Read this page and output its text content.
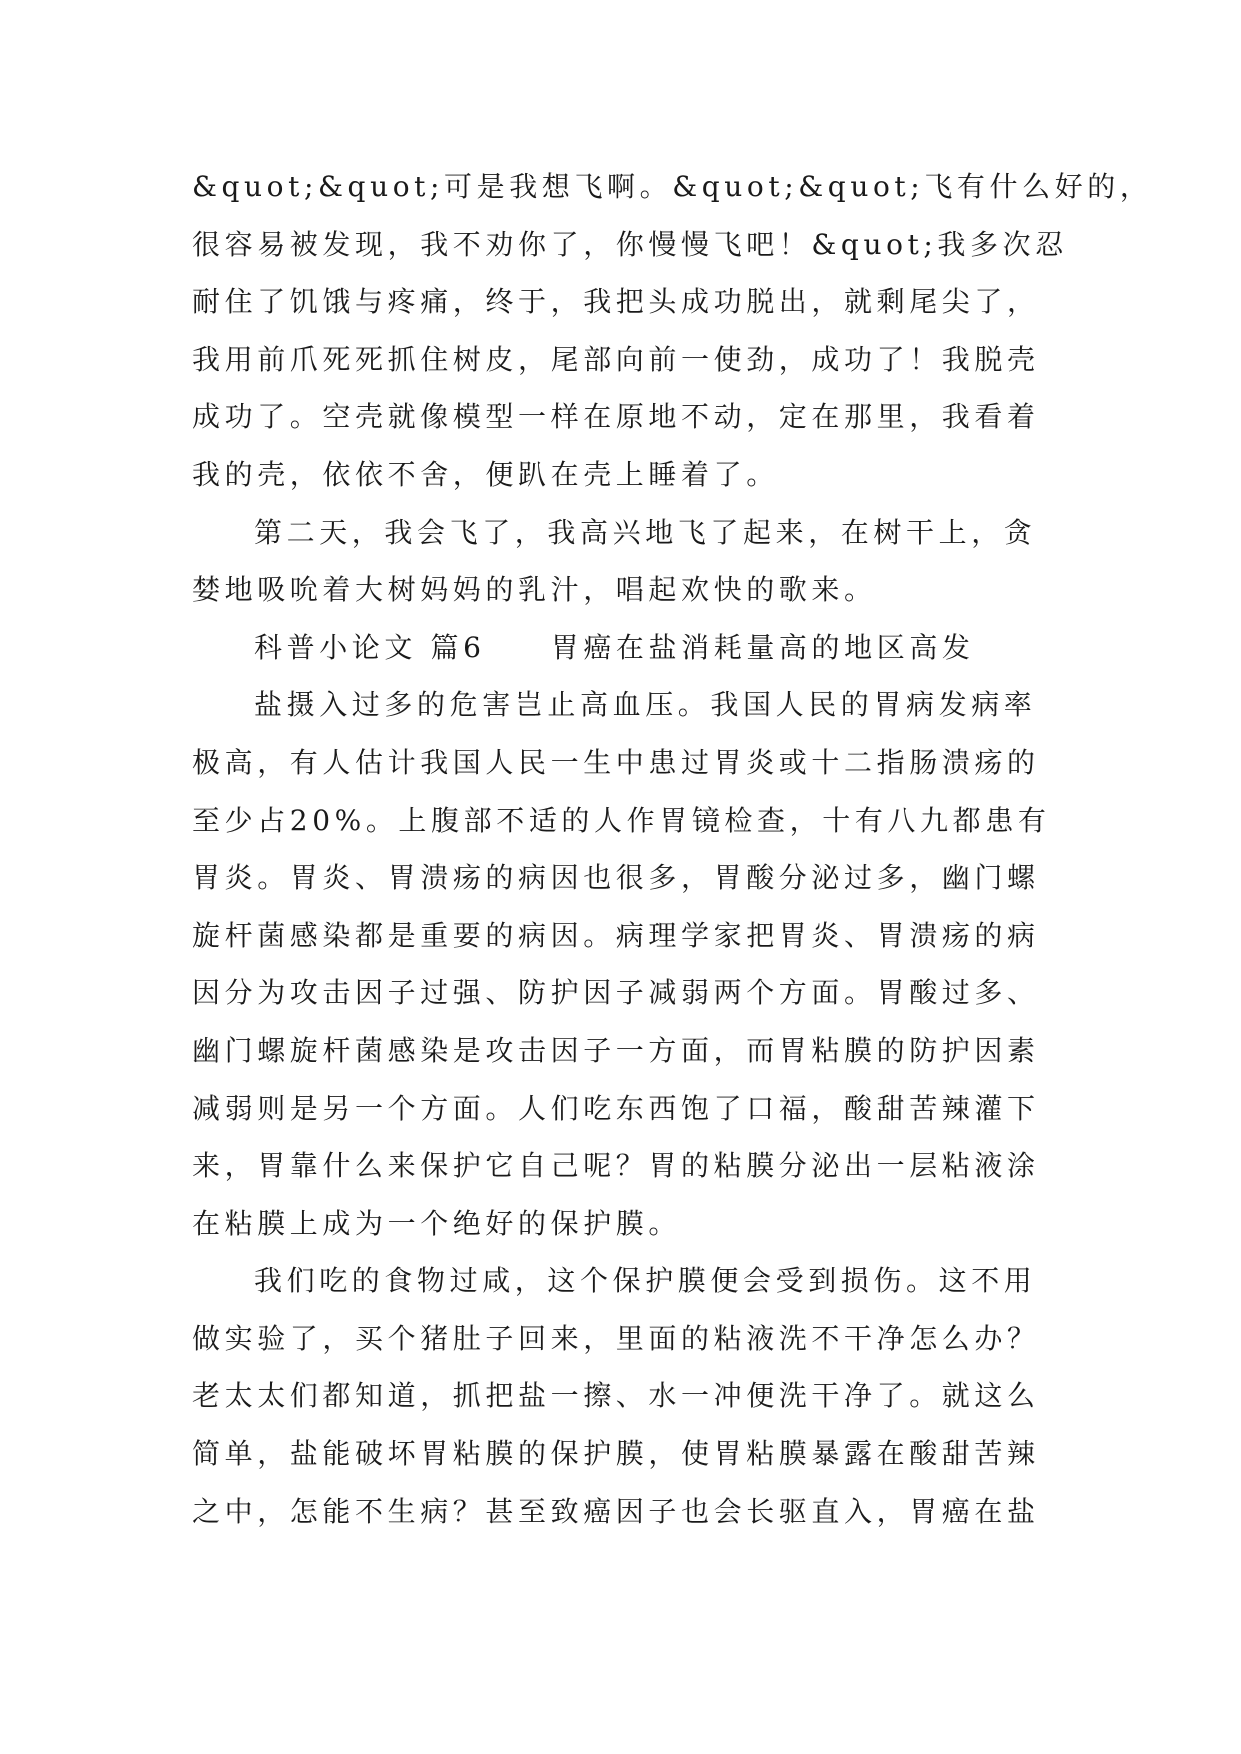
&quot;&quot;可是我想飞啊。&quot;&quot;飞有什么好的，
很容易被发现，我不劝你了，你慢慢飞吧！&quot;我多次忍
耐住了饥饿与疼痛，终于，我把头成功脱出，就剩尾尖了，
我用前爪死死抓住树皮，尾部向前一使劲，成功了！我脱壳
成功了。空壳就像模型一样在原地不动，定在那里，我看着
我的壳，依依不舍，便趴在壳上睡着了。
第二天，我会飞了，我高兴地飞了起来，在树干上，贪
婪地吸吮着大树妈妈的乳汁，唱起欢快的歌来。
科普小论文 篇6　　胃癌在盐消耗量高的地区高发
盐摄入过多的危害岂止高血压。我国人民的胃病发病率
极高，有人估计我国人民一生中患过胃炎或十二指肠溃疡的
至少占20%。上腹部不适的人作胃镜检查，十有八九都患有
胃炎。胃炎、胃溃疡的病因也很多，胃酸分泌过多，幽门螺
旋杆菌感染都是重要的病因。病理学家把胃炎、胃溃疡的病
因分为攻击因子过强、防护因子减弱两个方面。胃酸过多、
幽门螺旋杆菌感染是攻击因子一方面，而胃粘膜的防护因素
减弱则是另一个方面。人们吃东西饱了口福，酸甜苦辣灌下
来，胃靠什么来保护它自己呢？胃的粘膜分泌出一层粘液涂
在粘膜上成为一个绝好的保护膜。
我们吃的食物过咸，这个保护膜便会受到损伤。这不用
做实验了，买个猪肚子回来，里面的粘液洗不干净怎么办？
老太太们都知道，抓把盐一擦、水一冲便洗干净了。就这么
简单，盐能破坏胃粘膜的保护膜，使胃粘膜暴露在酸甜苦辣
之中，怎能不生病？甚至致癌因子也会长驱直入，胃癌在盐
